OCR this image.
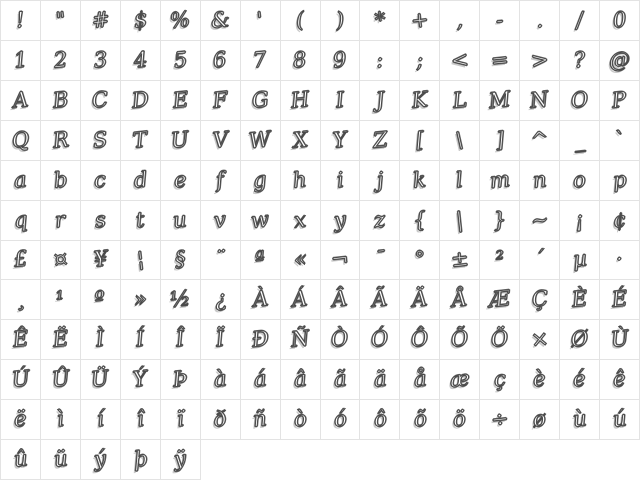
! " # $ % & ' ( ) * + , - . / 0
1 2 3 4 5 6 7 8 9 : ; < = > ? @
A B C D E F G H I J K L M N O P
Q R S T U V W X Y Z [ \ ] ^ _ `
a b c d e f g h i j k l m n o p
q r s t u v w x y z { | } ~ ¡ ¢
£ ¤ ¥ ¦ § ¨ ª « ¬ ¯ ° ± ² ´ µ ·
¸ ¹ º » ½ ¿ À Á Â Ã Ä Å Æ Ç È É
Ê Ë Ì Í Î Ï Ð Ñ Ò Ó Ô Õ Ö × Ø Ù
Ú Û Ü Ý Þ à á â ã ä å æ ç è é ê
ë ì í î ï ð ñ ò ó ô õ ö ÷ ø ù ú
û ü ý þ ÿ
